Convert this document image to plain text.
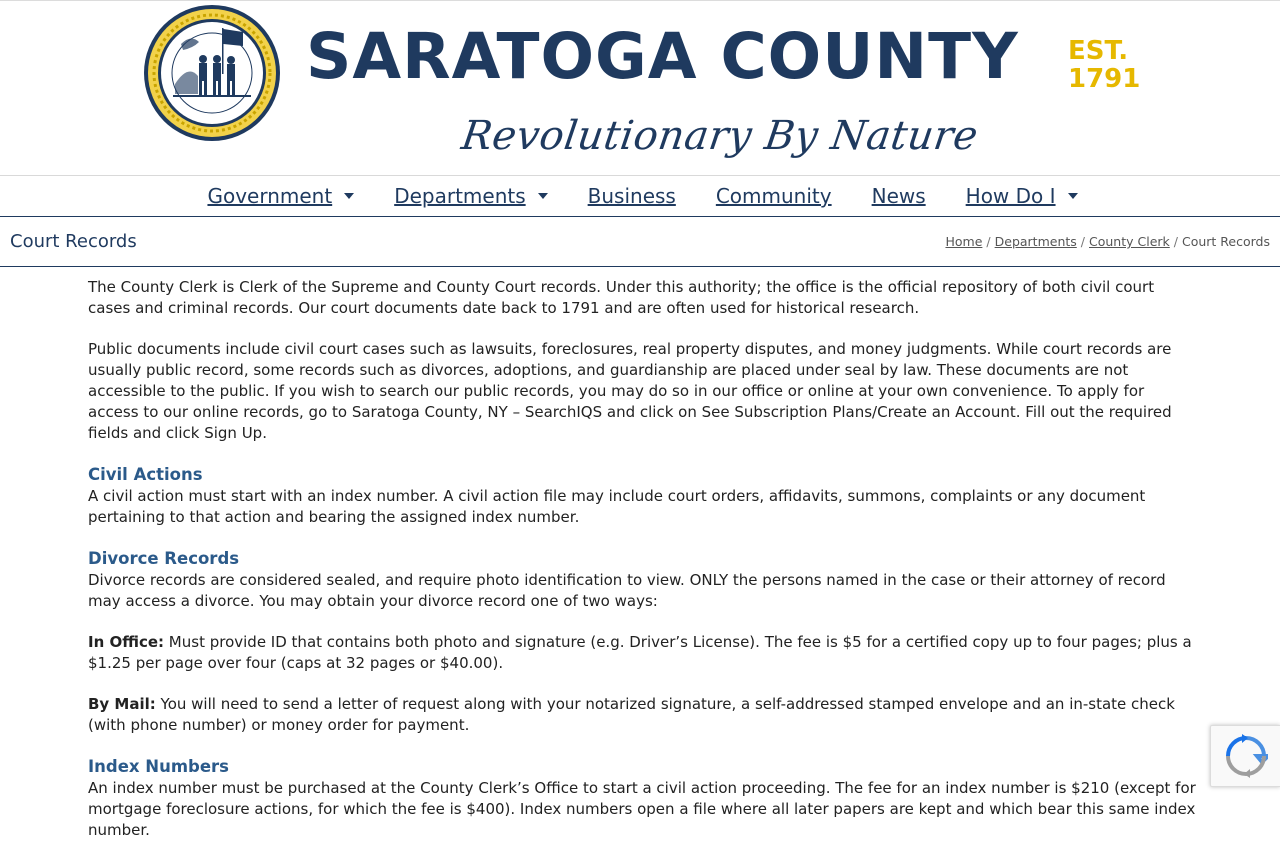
SARATOGA COUNTY EST.
1791
Revolutionary By Nature
Government	Departments	Business Community News How Do I
Court Records	Home / Departments / County Clerk / Court Records

The County Clerk is Clerk of the Supreme and County Court records. Under this authority; the office is the official repository of both civil court cases and criminal records. Our court documents date back to 1791 and are often used for historical research.

Public documents include civil court cases such as lawsuits, foreclosures, real property disputes, and money judgments. While court records are usually public record, some records such as divorces, adoptions, and guardianship are placed under seal by law. These documents are not accessible to the public. If you wish to search our public records, you may do so in our office or online at your own convenience. To apply for access to our online records, go to Saratoga County, NY – SearchIQS and click on See Subscription Plans/Create an Account. Fill out the required fields and click Sign Up.

Civil Actions

A civil action must start with an index number. A civil action file may include court orders, affidavits, summons, complaints or any document pertaining to that action and bearing the assigned index number.

Divorce Records

Divorce records are considered sealed, and require photo identification to view. ONLY the persons named in the case or their attorney of record may access a divorce. You may obtain your divorce record one of two ways:

In Office: Must provide ID that contains both photo and signature (e.g. Driver’s License). The fee is $5 for a certified copy up to four pages; plus a $1.25 per page over four (caps at 32 pages or $40.00).

By Mail: You will need to send a letter of request along with your notarized signature, a self-addressed stamped envelope and an in-state check (with phone number) or money order for payment.

Index Numbers

An index number must be purchased at the County Clerk’s Office to start a civil action proceeding. The fee for an index number is $210 (except for mortgage foreclosure actions, for which the fee is $400). Index numbers open a file where all later papers are kept and which bear this same index number.
